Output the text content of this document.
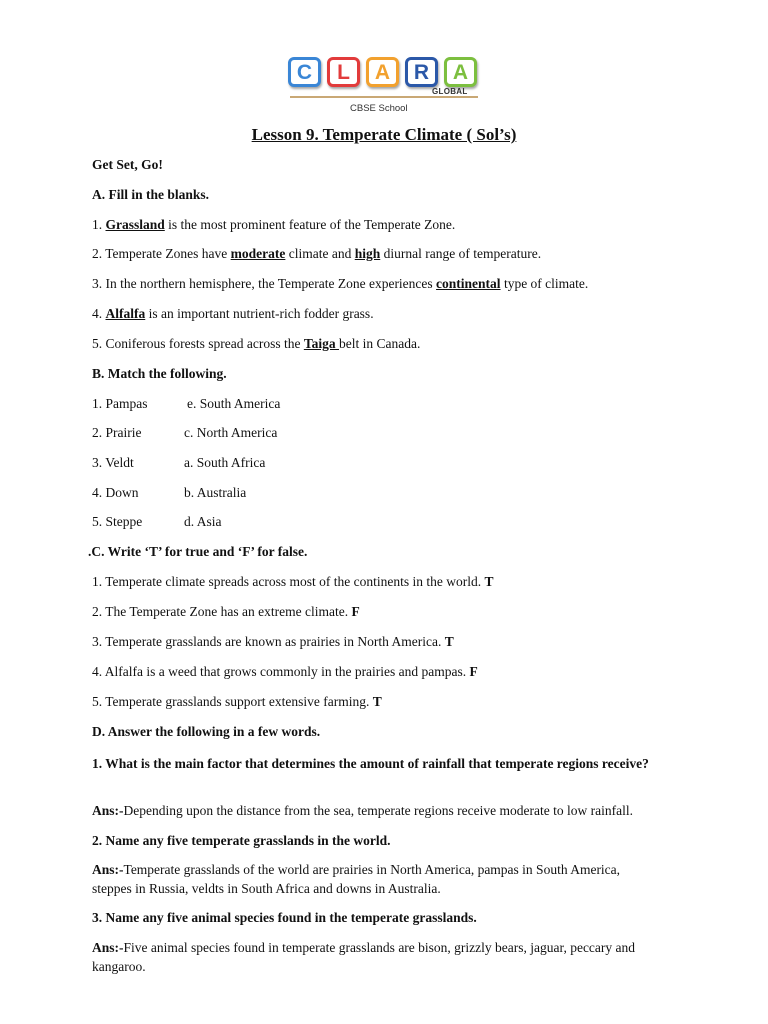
C	L	A	R	A
GLOBAL
CBSE School
Lesson 9. Temperate Climate ( Sol’s)
Get Set, Go!
A. Fill in the blanks.
1. Grassland is the most prominent feature of the Temperate Zone.
2. Temperate Zones have moderate climate and high diurnal range of temperature.
3. In the northern hemisphere, the Temperate Zone experiences continental type of climate.
4. Alfalfa is an important nutrient-rich fodder grass.
5. Coniferous forests spread across the Taiga belt in Canada.
B. Match the following.
1. Pampas	e. South America
2. Prairie	c. North America
3. Veldt	a. South Africa
4. Down	b. Australia
5. Steppe	d. Asia
.C. Write ‘T’ for true and ‘F’ for false.
1. Temperate climate spreads across most of the continents in the world. T
2. The Temperate Zone has an extreme climate. F
3. Temperate grasslands are known as prairies in North America. T
4. Alfalfa is a weed that grows commonly in the prairies and pampas. F
5. Temperate grasslands support extensive farming. T
D. Answer the following in a few words.
1. What is the main factor that determines the amount of rainfall that temperate regions receive?
Ans:-Depending upon the distance from the sea, temperate regions receive moderate to low rainfall.
2. Name any five temperate grasslands in the world.
Ans:-Temperate grasslands of the world are prairies in North America, pampas in South America, steppes in Russia, veldts in South Africa and downs in Australia.
3. Name any five animal species found in the temperate grasslands.
Ans:-Five animal species found in temperate grasslands are bison, grizzly bears, jaguar, peccary and kangaroo.
